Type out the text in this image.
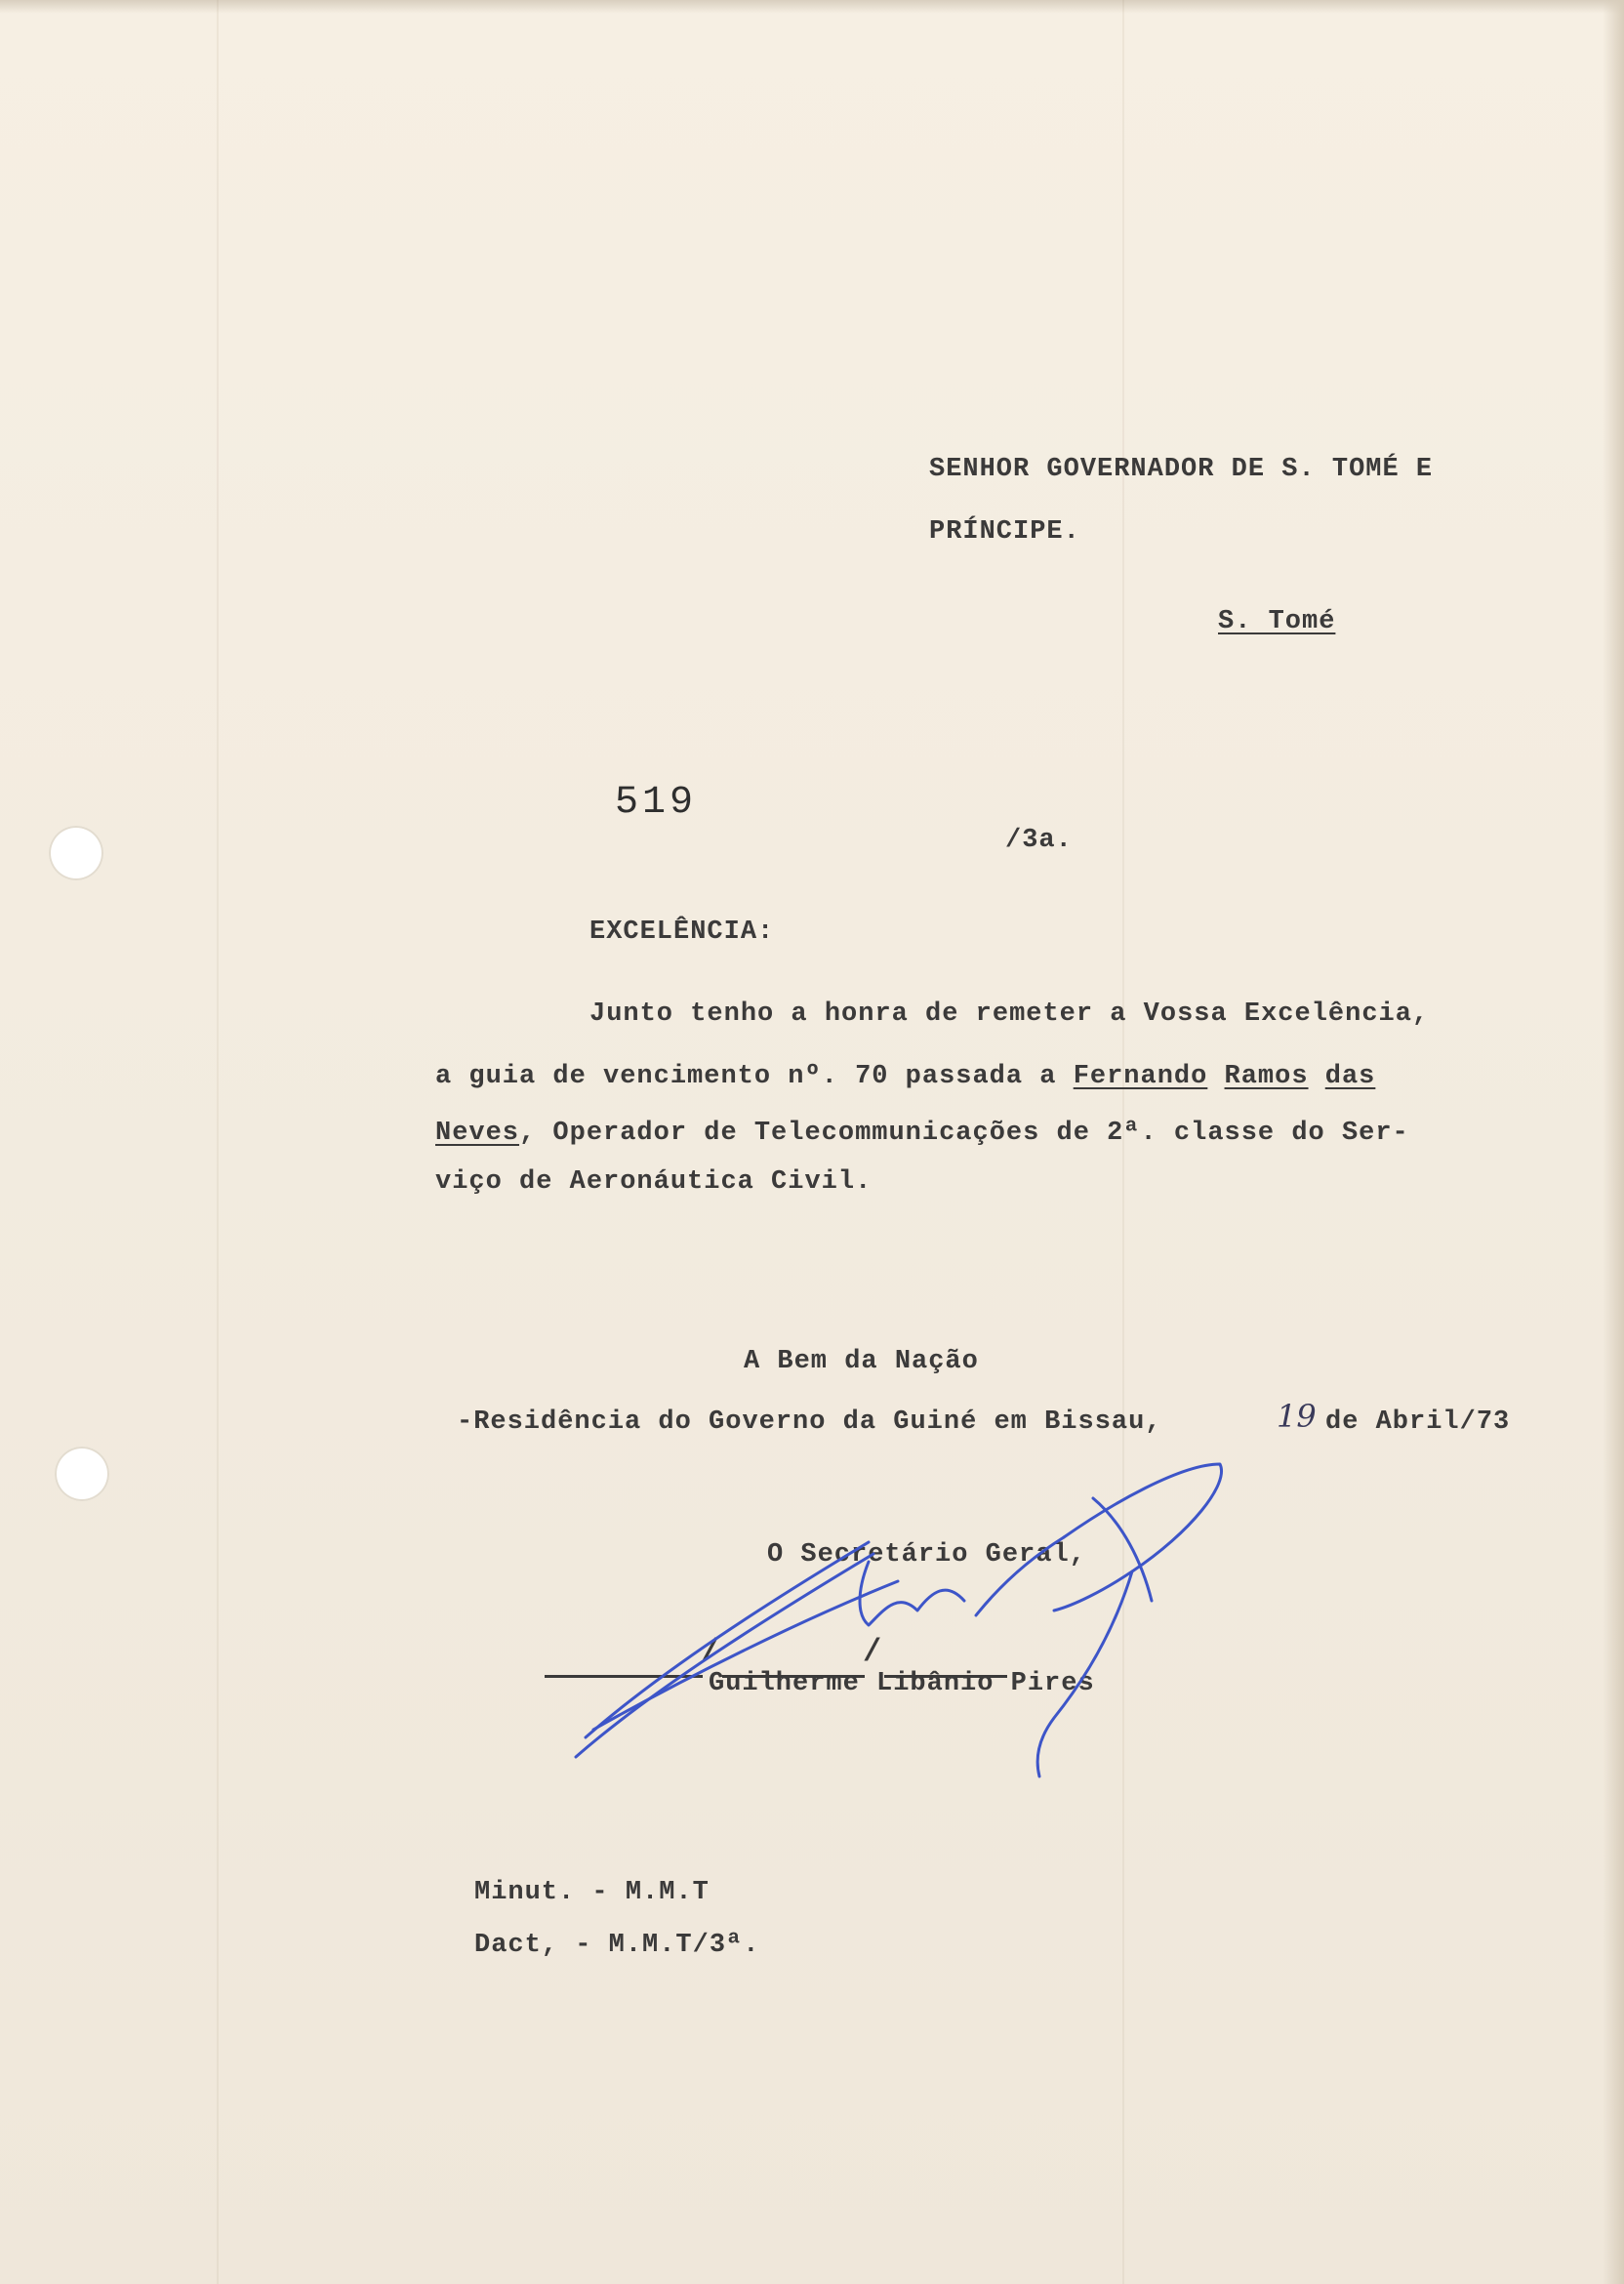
SENHOR GOVERNADOR DE S. TOMÉ E
PRÍNCIPE.
S. Tomé
519
/	/
/3a.
EXCELÊNCIA:
Junto tenho a honra de remeter a Vossa Excelência,
a guia de vencimento nº. 70 passada a Fernando Ramos das
Neves, Operador de Telecommunicações de 2ª. classe do Ser-
viço de Aeronáutica Civil.
A Bem da Nação
-Residência do Governo da Guiné em Bissau,	19 de Abril/73
O Secretário Geral,
Guilherme Libânio Pires
Minut. - M.M.T
Dact, - M.M.T/3ª.
